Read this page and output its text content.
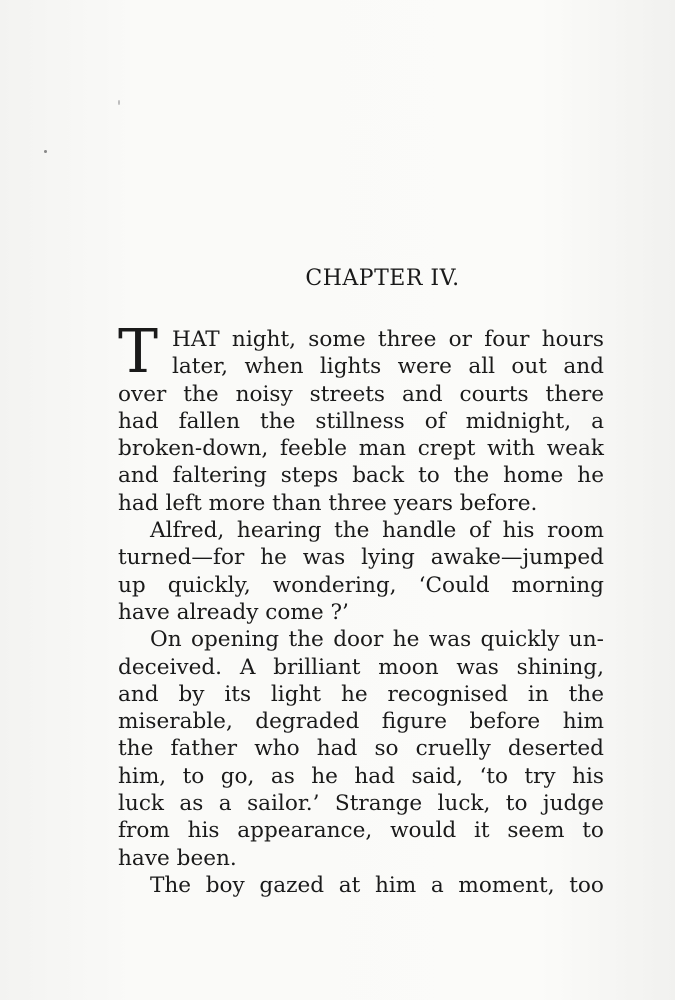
CHAPTER IV.
T HAT night, some three or four hours
later, when lights were all out and
over the noisy streets and courts there
had fallen the stillness of midnight, a
broken-down, feeble man crept with weak
and faltering steps back to the home he
had left more than three years before.
Alfred, hearing the handle of his room
turned—for he was lying awake—jumped
up quickly, wondering, ‘Could morning
have already come ?’
On opening the door he was quickly un-
deceived. A brilliant moon was shining,
and by its light he recognised in the
miserable, degraded figure before him
the father who had so cruelly deserted
him, to go, as he had said, ‘to try his
luck as a sailor.’ Strange luck, to judge
from his appearance, would it seem to
have been.
The boy gazed at him a moment, too
